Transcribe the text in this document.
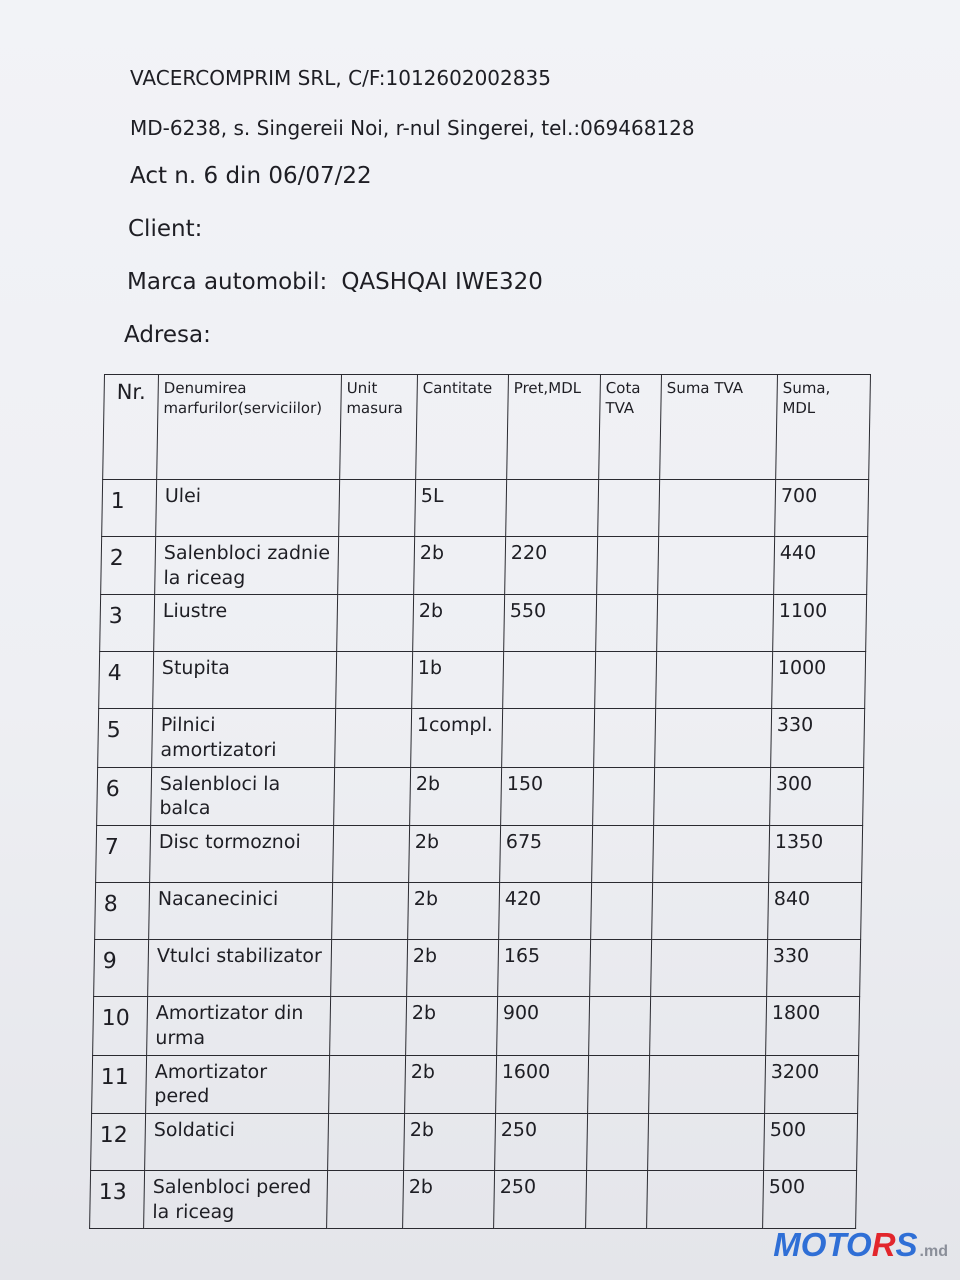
VACERCOMPRIM SRL, C/F:1012602002835
MD-6238, s. Singereii Noi, r-nul Singerei, tel.:069468128
Act n. 6 din 06/07/22
Client:
Marca automobil: QASHQAI IWE320
Adresa:
Nr.	Denumirea marfurilor(serviciilor)	Unit masura	Cantitate	Pret,MDL	Cota TVA	Suma TVA	Suma, MDL
1	Ulei		5L				700
2	Salenbloci zadnie la riceag		2b	220			440
3	Liustre		2b	550			1100
4	Stupita		1b				1000
5	Pilnici amortizatori		1compl.				330
6	Salenbloci la balca		2b	150			300
7	Disc tormoznoi		2b	675			1350
8	Nacanecinici		2b	420			840
9	Vtulci stabilizator		2b	165			330
10	Amortizator din urma		2b	900			1800
11	Amortizator pered		2b	1600			3200
12	Soldatici		2b	250			500
13	Salenbloci pered la riceag		2b	250			500
MOTORS .md
